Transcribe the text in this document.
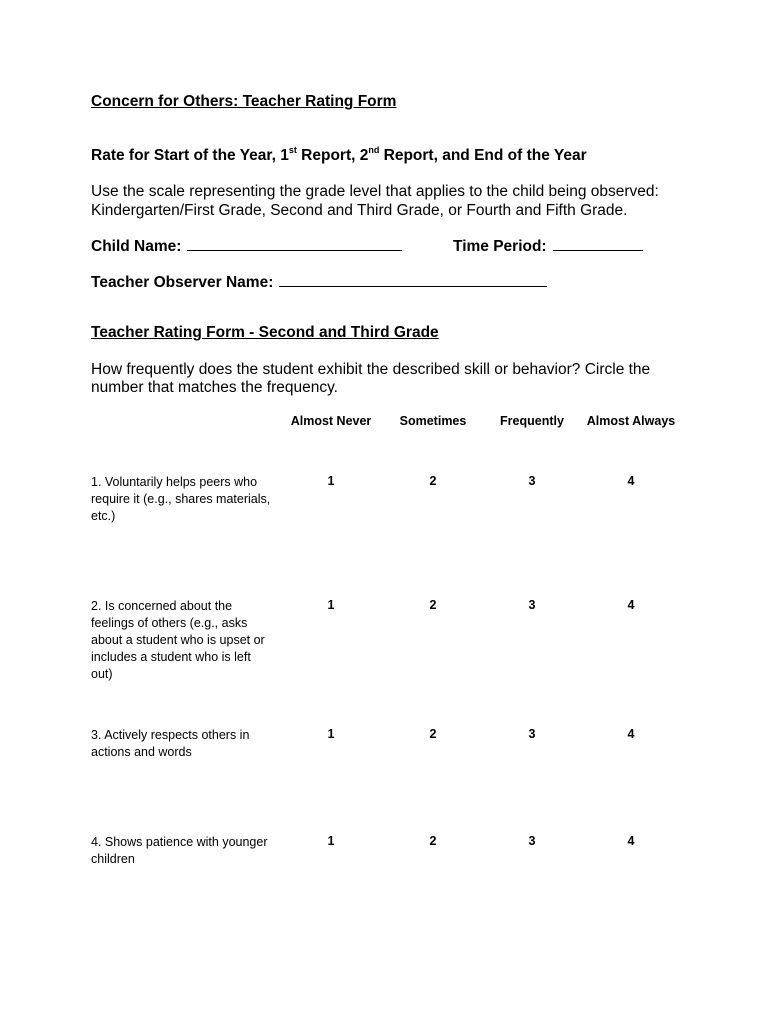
Concern for Others: Teacher Rating Form
Rate for Start of the Year, 1st Report, 2nd Report, and End of the Year
Use the scale representing the grade level that applies to the child being observed:
Kindergarten/First Grade, Second and Third Grade, or Fourth and Fifth Grade.
Child Name:	Time Period:
Teacher Observer Name:
Teacher Rating Form - Second and Third Grade
How frequently does the student exhibit the described skill or behavior? Circle the
number that matches the frequency.
Almost Never	Sometimes	Frequently	Almost Always
1. Voluntarily helps peers who
require it (e.g., shares materials,
etc.)
1	2	3	4
2. Is concerned about the
feelings of others (e.g., asks
about a student who is upset or
includes a student who is left
out)
1	2	3	4
3. Actively respects others in
actions and words
1	2	3	4
4. Shows patience with younger
children
1	2	3	4
